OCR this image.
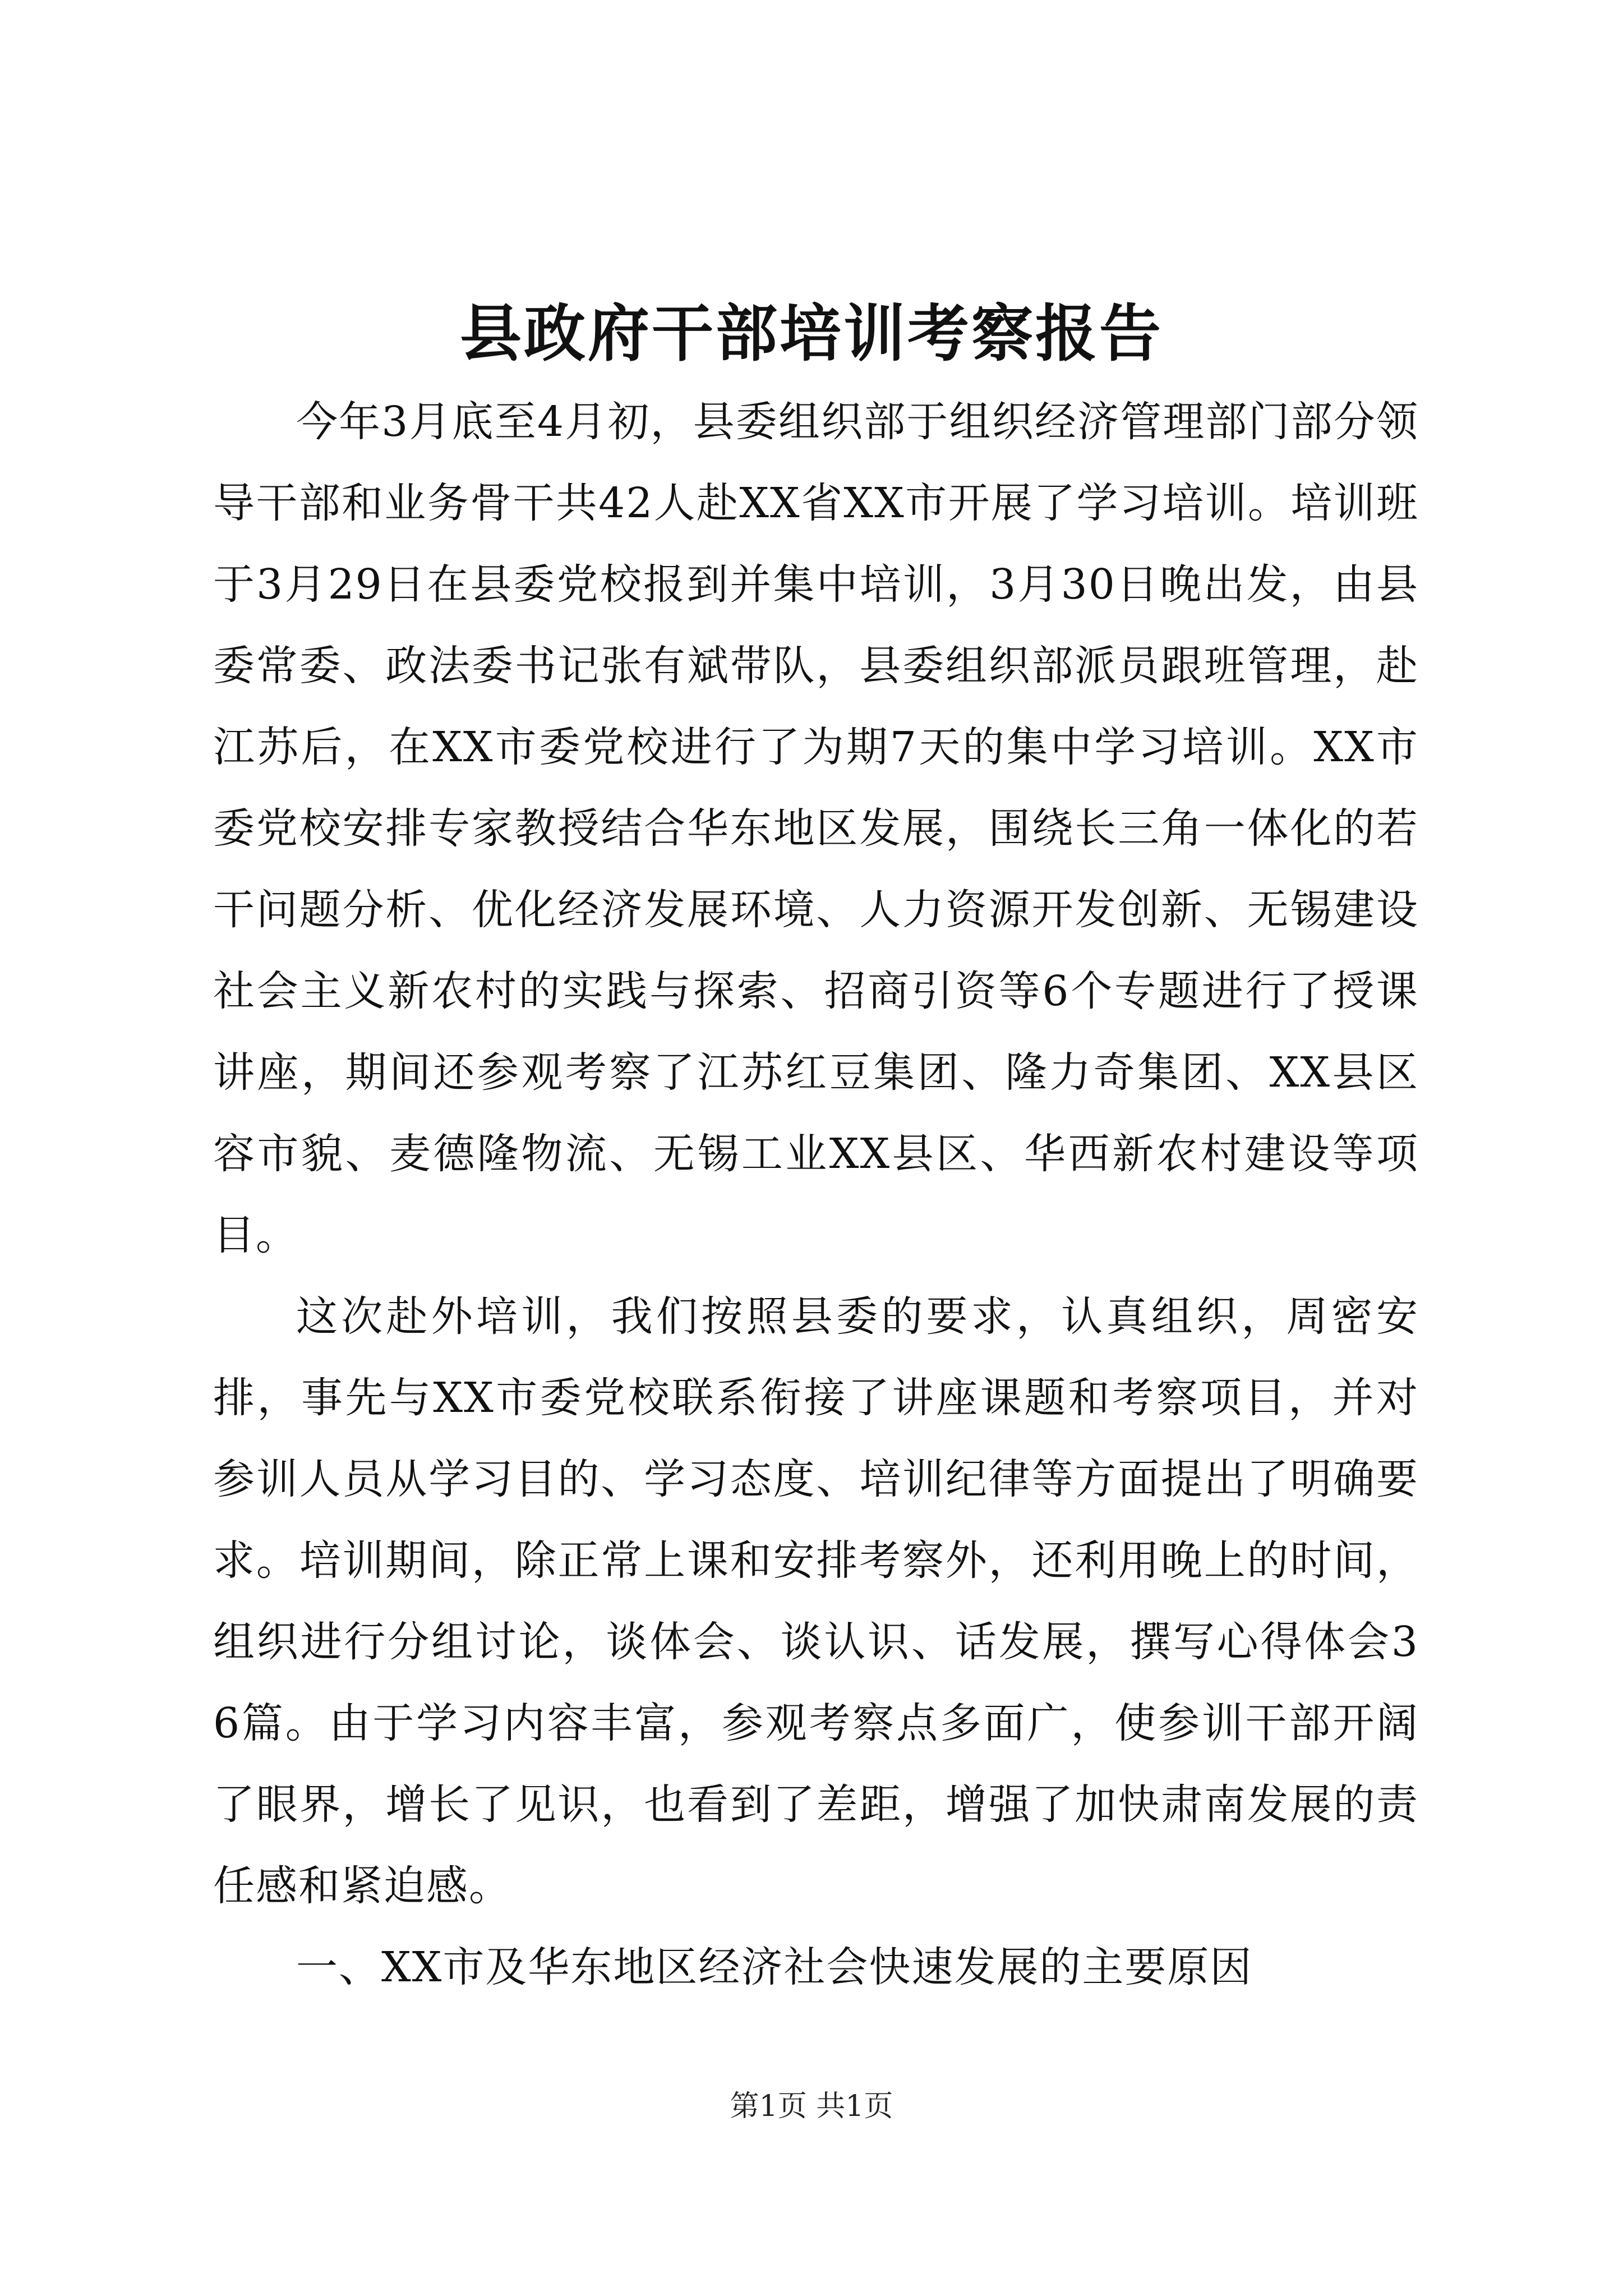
县政府干部培训考察报告

今年3月底至4月初，县委组织部于组织经济管理部门部分领导干部和业务骨干共42人赴XX省XX市开展了学习培训。培训班于3月29日在县委党校报到并集中培训，3月30日晚出发，由县委常委、政法委书记张有斌带队，县委组织部派员跟班管理，赴江苏后，在XX市委党校进行了为期7天的集中学习培训。XX市委党校安排专家教授结合华东地区发展，围绕长三角一体化的若干问题分析、优化经济发展环境、人力资源开发创新、无锡建设社会主义新农村的实践与探索、招商引资等6个专题进行了授课讲座，期间还参观考察了江苏红豆集团、隆力奇集团、XX县区容市貌、麦德隆物流、无锡工业XX县区、华西新农村建设等项目。

这次赴外培训，我们按照县委的要求，认真组织，周密安排，事先与XX市委党校联系衔接了讲座课题和考察项目，并对参训人员从学习目的、学习态度、培训纪律等方面提出了明确要求。培训期间，除正常上课和安排考察外，还利用晚上的时间，组织进行分组讨论，谈体会、谈认识、话发展，撰写心得体会36篇。由于学习内容丰富，参观考察点多面广，使参训干部开阔了眼界，增长了见识，也看到了差距，增强了加快肃南发展的责任感和紧迫感。

一、XX市及华东地区经济社会快速发展的主要原因

第1页 共1页
